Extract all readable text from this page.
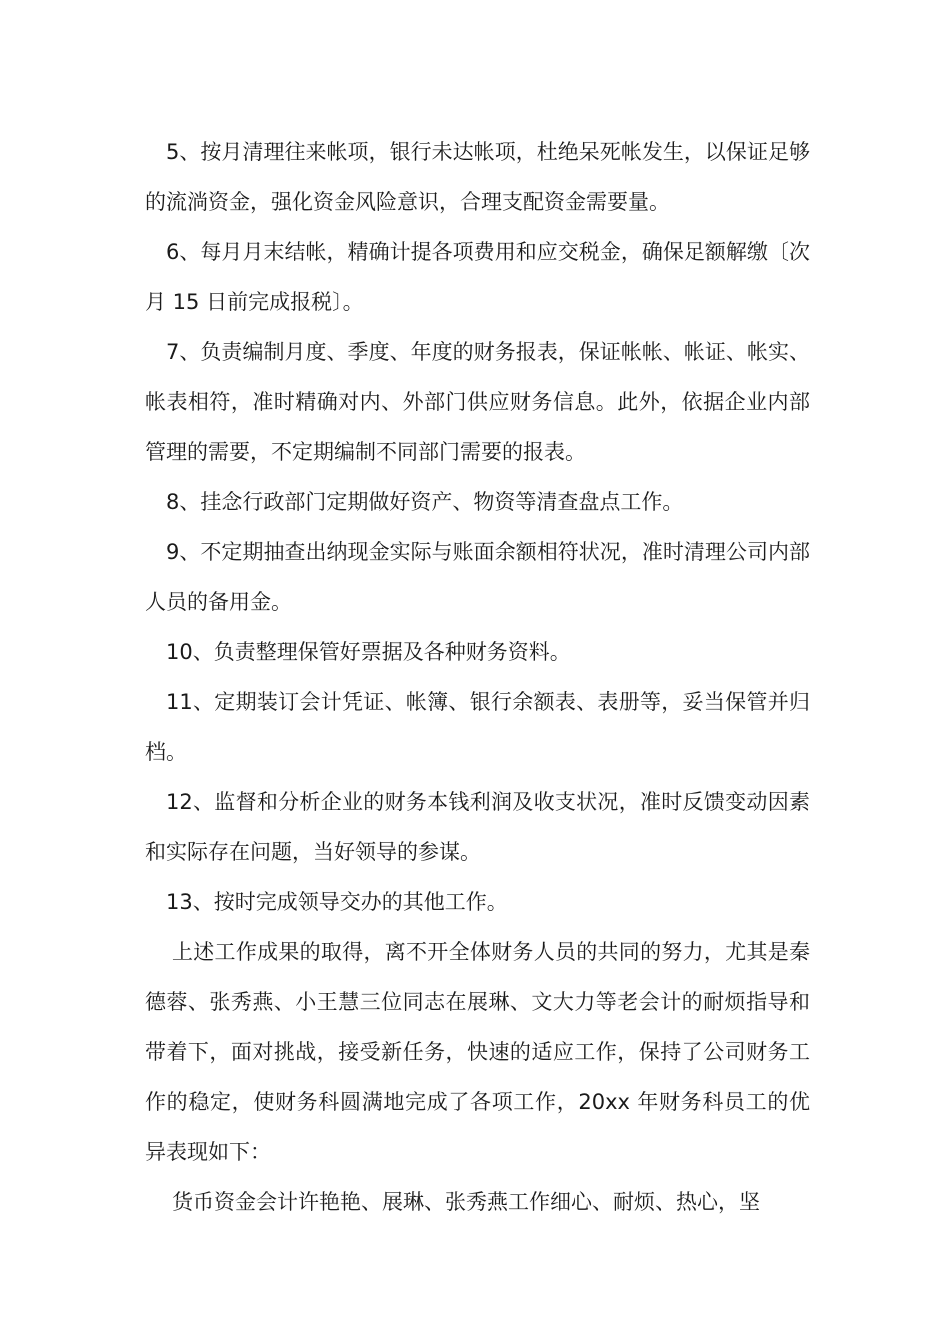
5、按月清理往来帐项，银行未达帐项，杜绝呆死帐发生，以保证足够的流淌资金，强化资金风险意识，合理支配资金需要量。

6、每月月末结帐，精确计提各项费用和应交税金，确保足额解缴〔次月 15 日前完成报税〕。

7、负责编制月度、季度、年度的财务报表，保证帐帐、帐证、帐实、帐表相符，准时精确对内、外部门供应财务信息。此外，依据企业内部管理的需要，不定期编制不同部门需要的报表。

8、挂念行政部门定期做好资产、物资等清查盘点工作。

9、不定期抽查出纳现金实际与账面余额相符状况，准时清理公司内部人员的备用金。

10、负责整理保管好票据及各种财务资料。

11、定期装订会计凭证、帐簿、银行余额表、表册等，妥当保管并归档。

12、监督和分析企业的财务本钱利润及收支状况，准时反馈变动因素和实际存在问题，当好领导的参谋。

13、按时完成领导交办的其他工作。

上述工作成果的取得，离不开全体财务人员的共同的努力，尤其是秦德蓉、张秀燕、小王慧三位同志在展琳、文大力等老会计的耐烦指导和带着下，面对挑战，接受新任务，快速的适应工作，保持了公司财务工作的稳定，使财务科圆满地完成了各项工作，20xx 年财务科员工的优异表现如下：

货币资金会计许艳艳、展琳、张秀燕工作细心、耐烦、热心，坚
